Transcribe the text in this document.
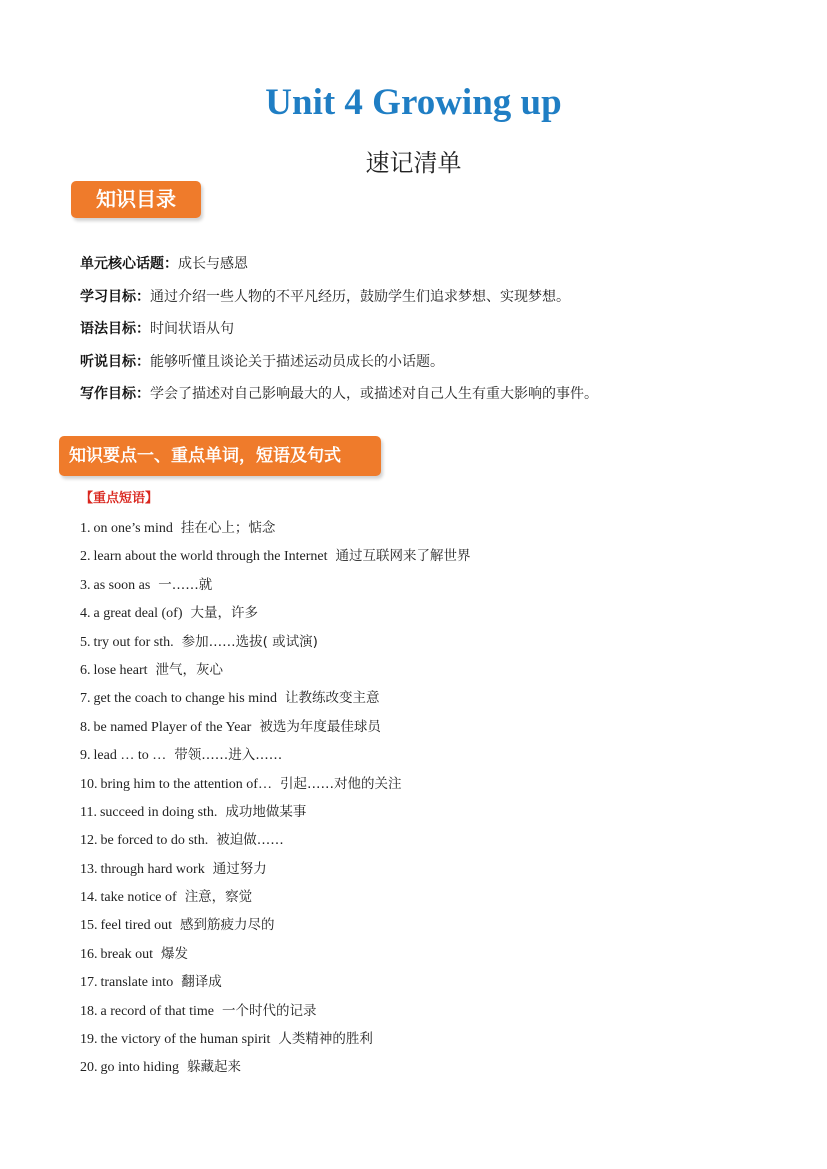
Unit 4 Growing up
速记清单
知识目录
单元核心话题：成长与感恩
学习目标：通过介绍一些人物的不平凡经历，鼓励学生们追求梦想、实现梦想。
语法目标：时间状语从句
听说目标：能够听懂且谈论关于描述运动员成长的小话题。
写作目标：学会了描述对自己影响最大的人，或描述对自己人生有重大影响的事件。
知识要点一、重点单词，短语及句式
【重点短语】
1. on one’s mind 挂在心上；惦念
2. learn about the world through the Internet 通过互联网来了解世界
3. as soon as 一……就
4. a great deal (of) 大量，许多
5. try out for sth. 参加……选拔( 或试演)
6. lose heart 泄气，灰心
7. get the coach to change his mind 让教练改变主意
8. be named Player of the Year 被选为年度最佳球员
9. lead … to … 带领……进入……
10. bring him to the attention of… 引起……对他的关注
11. succeed in doing sth. 成功地做某事
12. be forced to do sth. 被迫做……
13. through hard work 通过努力
14. take notice of 注意，察觉
15. feel tired out 感到筋疲力尽的
16. break out 爆发
17. translate into 翻译成
18. a record of that time 一个时代的记录
19. the victory of the human spirit 人类精神的胜利
20. go into hiding 躲藏起来
